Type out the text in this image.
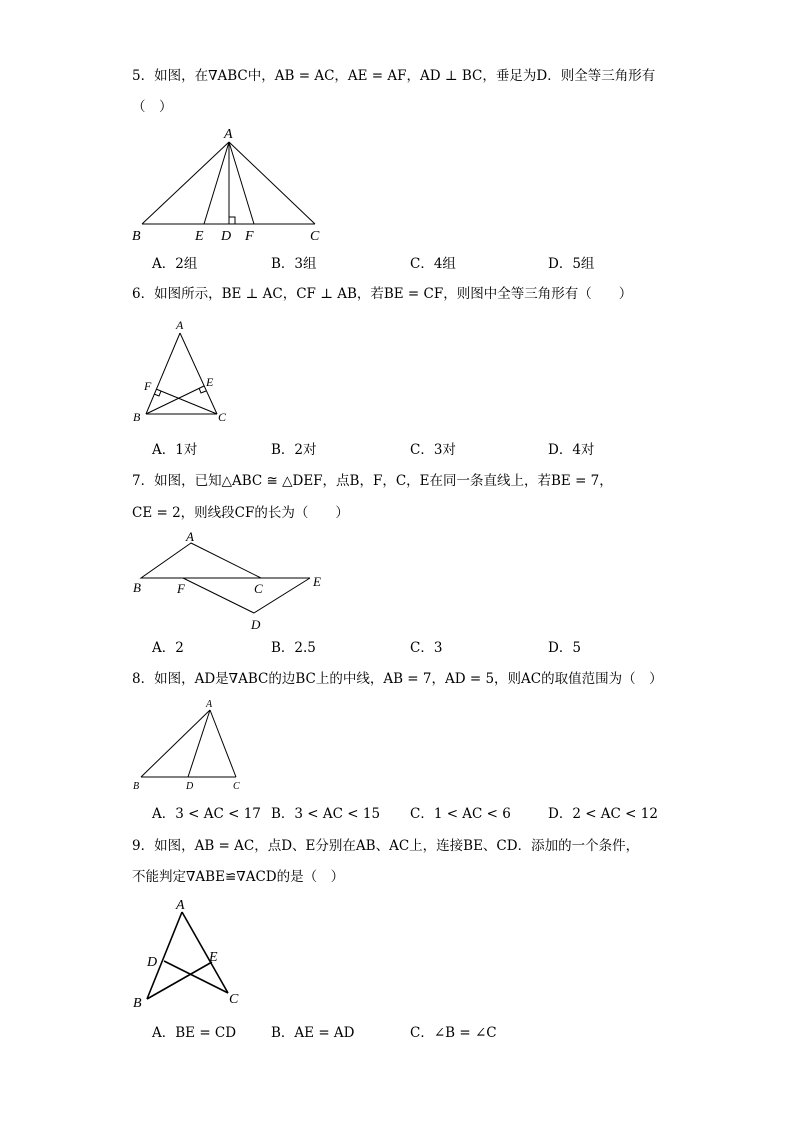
5．如图，在∇ABC中，AB = AC，AE = AF，AD ⊥ BC，垂足为D．则全等三角形有
（　）
A
B	E D F	C
A．2组	B．3组	C．4组	D．5组
6．如图所示，BE ⊥ AC，CF ⊥ AB，若BE = CF，则图中全等三角形有（　　）
A
F	E
B	C
A．1对	B．2对	C．3对	D．4对
7．如图，已知△ABC ≅ △DEF，点B，F，C，E在同一条直线上，若BE = 7，
CE = 2，则线段CF的长为（　　）
A
B	F	C	E
D
A．2	B．2.5	C．3	D．5
8．如图，AD是∇ABC的边BC上的中线，AB = 7，AD = 5，则AC的取值范围为（　）
A
B	D	C
A．3 < AC < 17 B．3 < AC < 15 C．1 < AC < 6	D．2 < AC < 12
9．如图，AB = AC，点D、E分别在AB、AC上，连接BE、CD．添加的一个条件，
不能判定∇ABE≌∇ACD的是（　）
A
D	E
B	C
A．BE = CD	B．AE = AD	C．∠B = ∠C
